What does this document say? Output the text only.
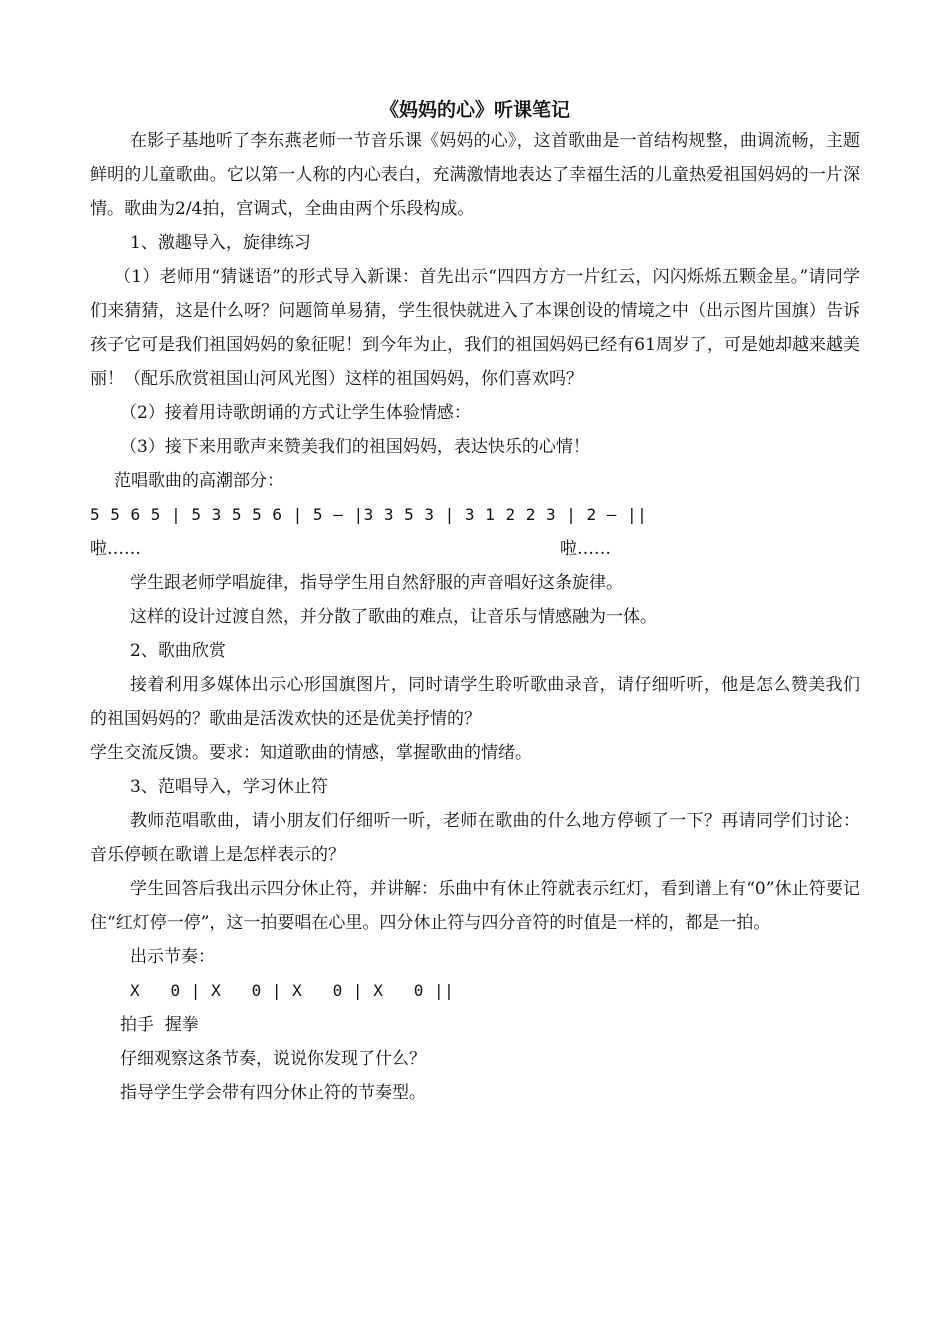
《妈妈的心》听课笔记
在影子基地听了李东燕老师一节音乐课《妈妈的心》，这首歌曲是一首结构规整，曲调流畅，主题鲜明的儿童歌曲。它以第一人称的内心表白，充满激情地表达了幸福生活的儿童热爱祖国妈妈的一片深情。歌曲为2/4拍，宫调式，全曲由两个乐段构成。
1、激趣导入，旋律练习
（1）老师用“猜谜语”的形式导入新课：首先出示“四四方方一片红云，闪闪烁烁五颗金星。”请同学们来猜猜，这是什么呀？问题简单易猜，学生很快就进入了本课创设的情境之中（出示图片国旗）告诉孩子它可是我们祖国妈妈的象征呢！到今年为止，我们的祖国妈妈已经有61周岁了，可是她却越来越美丽！（配乐欣赏祖国山河风光图）这样的祖国妈妈，你们喜欢吗？
（2）接着用诗歌朗诵的方式让学生体验情感：
（3）接下来用歌声来赞美我们的祖国妈妈，表达快乐的心情！
范唱歌曲的高潮部分：
5 5 6 5 | 5 3 5 5 6 | 5 — |3 3 5 3 | 3 1 2 2 3 | 2 — ||
啦……	啦……
学生跟老师学唱旋律，指导学生用自然舒服的声音唱好这条旋律。
这样的设计过渡自然，并分散了歌曲的难点，让音乐与情感融为一体。
2、歌曲欣赏
接着利用多媒体出示心形国旗图片，同时请学生聆听歌曲录音，请仔细听听，他是怎么赞美我们的祖国妈妈的？歌曲是活泼欢快的还是优美抒情的？
学生交流反馈。要求：知道歌曲的情感，掌握歌曲的情绪。
3、范唱导入，学习休止符
教师范唱歌曲，请小朋友们仔细听一听，老师在歌曲的什么地方停顿了一下？再请同学们讨论：音乐停顿在歌谱上是怎样表示的？
学生回答后我出示四分休止符，并讲解：乐曲中有休止符就表示红灯，看到谱上有“0”休止符要记住“红灯停一停”，这一拍要唱在心里。四分休止符与四分音符的时值是一样的，都是一拍。
出示节奏：
X   0 | X   0 | X   0 | X   0 ||
拍手  握拳
仔细观察这条节奏，说说你发现了什么？
指导学生学会带有四分休止符的节奏型。
